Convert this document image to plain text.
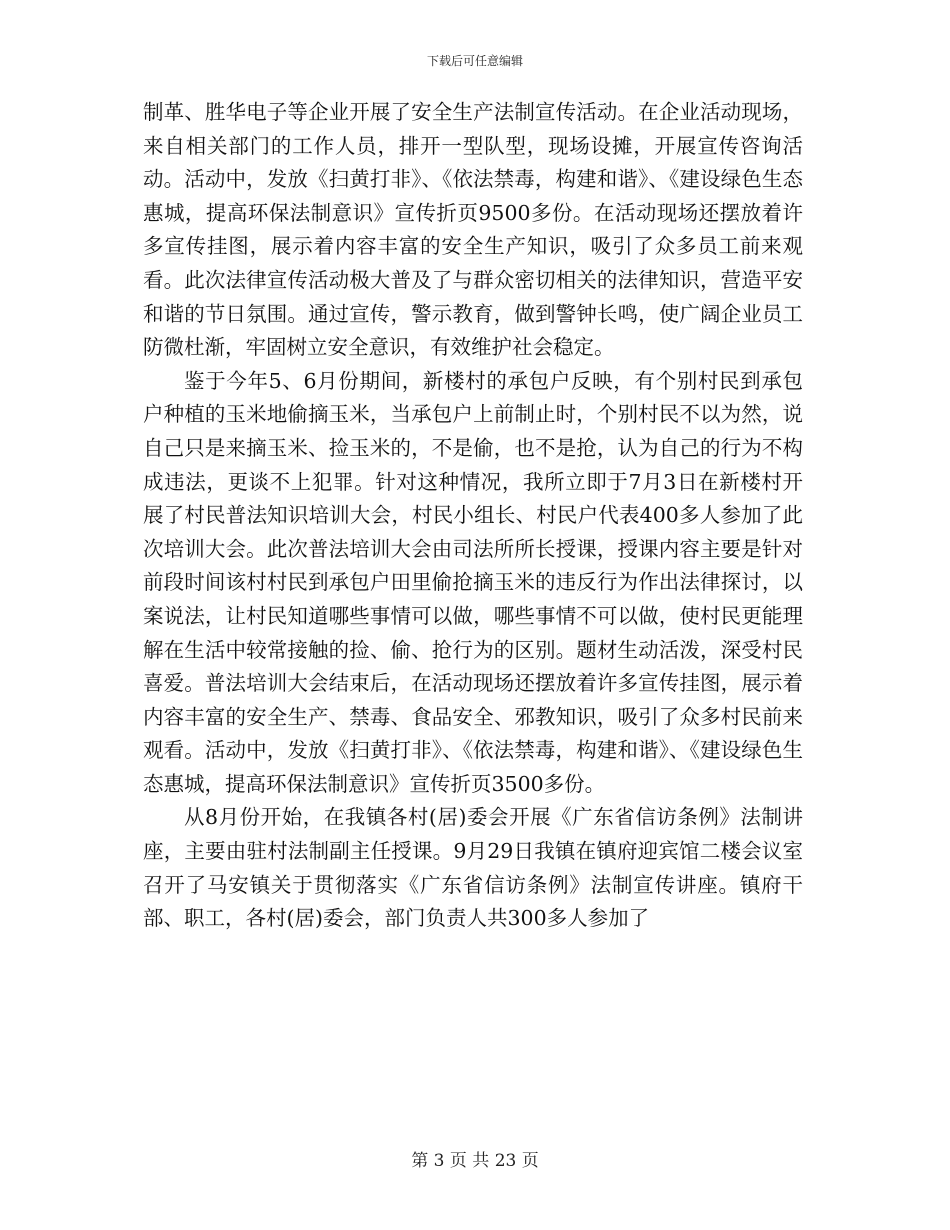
下载后可任意编辑

制革、胜华电子等企业开展了安全生产法制宣传活动。在企业活动现场，来自相关部门的工作人员，排开一型队型，现场设摊，开展宣传咨询活动。活动中，发放《扫黄打非》、《依法禁毒，构建和谐》、《建设绿色生态惠城，提高环保法制意识》宣传折页9500多份。在活动现场还摆放着许多宣传挂图，展示着内容丰富的安全生产知识，吸引了众多员工前来观看。此次法律宣传活动极大普及了与群众密切相关的法律知识，营造平安和谐的节日氛围。通过宣传，警示教育，做到警钟长鸣，使广阔企业员工防微杜渐，牢固树立安全意识，有效维护社会稳定。

鉴于今年5、6月份期间，新楼村的承包户反映，有个别村民到承包户种植的玉米地偷摘玉米，当承包户上前制止时，个别村民不以为然，说自己只是来摘玉米、捡玉米的，不是偷，也不是抢，认为自己的行为不构成违法，更谈不上犯罪。针对这种情况，我所立即于7月3日在新楼村开展了村民普法知识培训大会，村民小组长、村民户代表400多人参加了此次培训大会。此次普法培训大会由司法所所长授课，授课内容主要是针对前段时间该村村民到承包户田里偷抢摘玉米的违反行为作出法律探讨，以案说法，让村民知道哪些事情可以做，哪些事情不可以做，使村民更能理解在生活中较常接触的捡、偷、抢行为的区别。题材生动活泼，深受村民喜爱。普法培训大会结束后，在活动现场还摆放着许多宣传挂图，展示着内容丰富的安全生产、禁毒、食品安全、邪教知识，吸引了众多村民前来观看。活动中，发放《扫黄打非》、《依法禁毒，构建和谐》、《建设绿色生态惠城，提高环保法制意识》宣传折页3500多份。

从8月份开始，在我镇各村(居)委会开展《广东省信访条例》法制讲座，主要由驻村法制副主任授课。9月29日我镇在镇府迎宾馆二楼会议室召开了马安镇关于贯彻落实《广东省信访条例》法制宣传讲座。镇府干部、职工，各村(居)委会，部门负责人共300多人参加了

第 3 页 共 23 页
